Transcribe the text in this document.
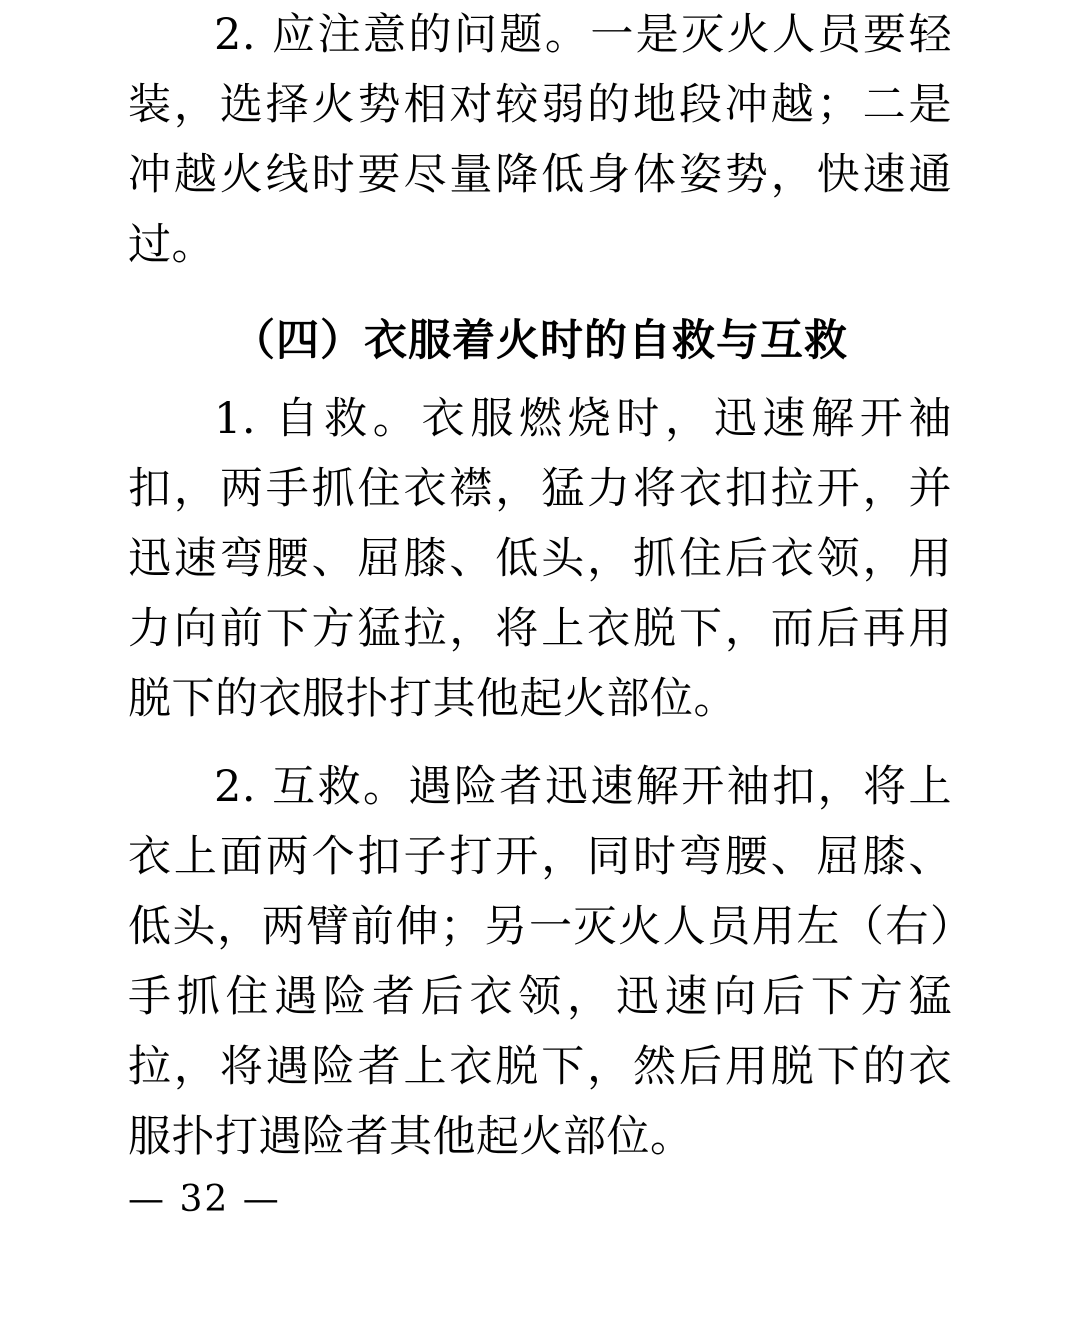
2. 应注意的问题。一是灭火人员要轻装，选择火势相对较弱的地段冲越；二是冲越火线时要尽量降低身体姿势，快速通过。

（四）衣服着火时的自救与互救

1. 自救。衣服燃烧时，迅速解开袖扣，两手抓住衣襟，猛力将衣扣拉开，并迅速弯腰、屈膝、低头，抓住后衣领，用力向前下方猛拉，将上衣脱下，而后再用脱下的衣服扑打其他起火部位。

2. 互救。遇险者迅速解开袖扣，将上衣上面两个扣子打开，同时弯腰、屈膝、低头，两臂前伸；另一灭火人员用左（右）手抓住遇险者后衣领，迅速向后下方猛拉，将遇险者上衣脱下，然后用脱下的衣服扑打遇险者其他起火部位。

— 32 —
